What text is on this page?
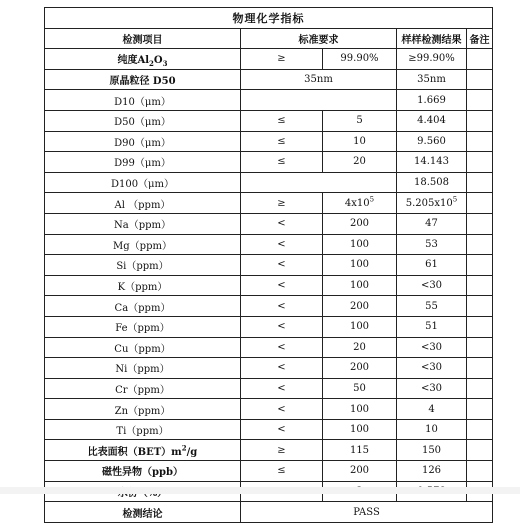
物理化学指标				
检测项目	标准要求		样样检测结果	备注
纯度$Al_2O_3$	≥	99.90%	≥99.90%	
原晶粒径 D50	35nm		35nm	
D10（μm）			1.669	
D50（μm）	≤	5	4.404	
D90（μm）	≤	10	9.560	
D99（μm）	≤	20	14.143	
D100（μm）			18.508	
Al （ppm）	≥	$4x10^5$	$5.205x10^5$	
Na（ppm）	<	200	47	
Mg（ppm）	<	100	53	
Si（ppm）	<	100	61	
K（ppm）	<	100	<30	
Ca（ppm）	<	200	55	
Fe（ppm）	<	100	51	
Cu（ppm）	<	20	<30	
Ni（ppm）	<	200	<30	
Cr（ppm）	<	50	<30	
Zn（ppm）	<	100	4	
Ti（ppm）	<	100	10	
比表面积$(BET)m^2/g$	≥	115	150	
磁性异物（ppb）	≤	200	126	

检测结论	PASS			
